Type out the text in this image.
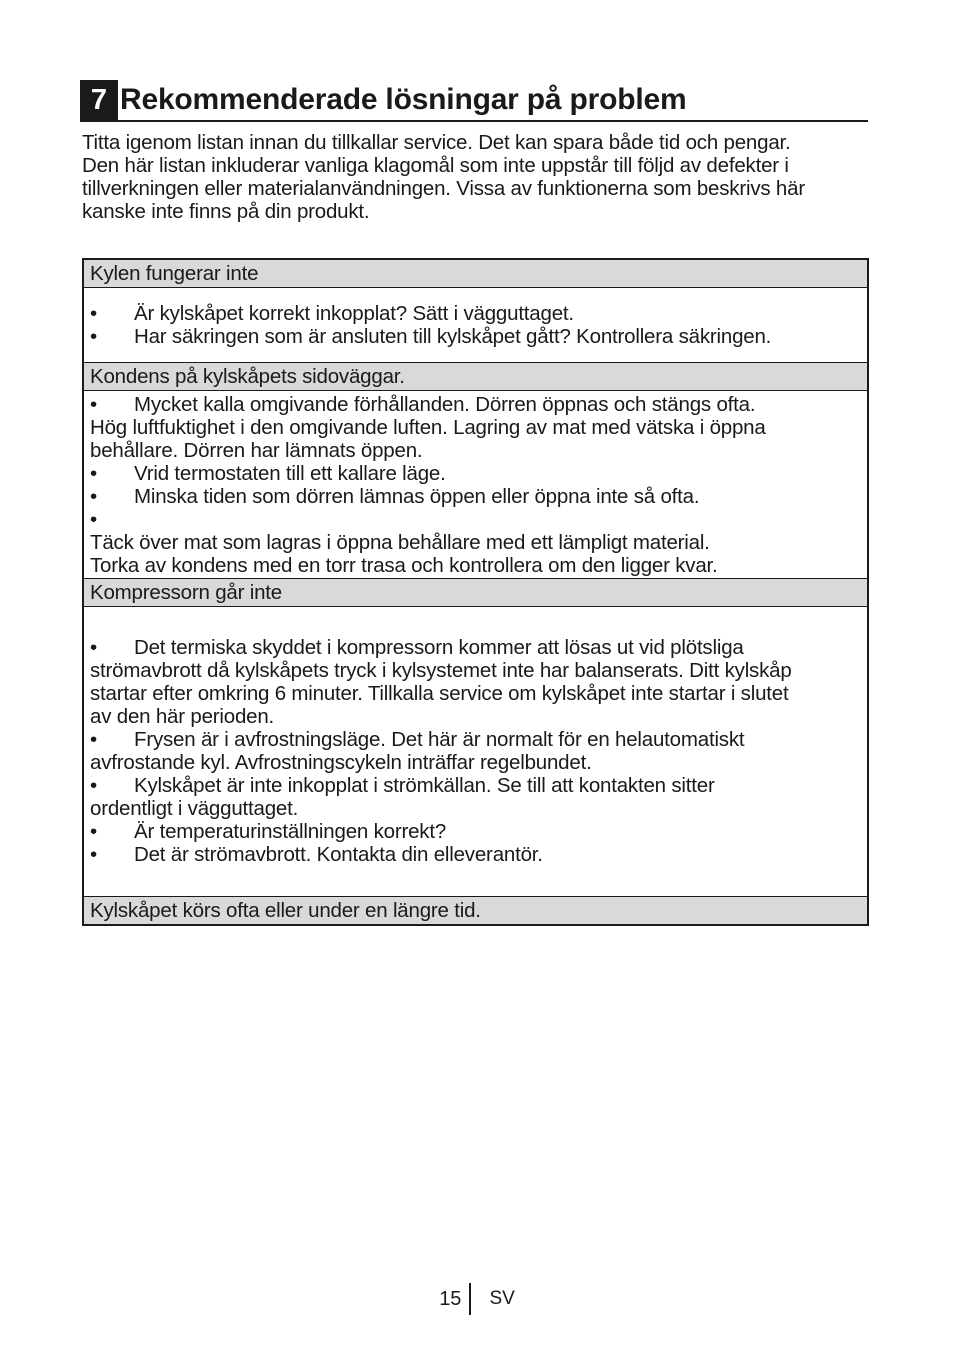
7 Rekommenderade lösningar på problem

Titta igenom listan innan du tillkallar service. Det kan spara både tid och pengar.
Den här listan inkluderar vanliga klagomål som inte uppstår till följd av defekter i
tillverkningen eller materialanvändningen. Vissa av funktionerna som beskrivs här
kanske inte finns på din produkt.

Kylen fungerar inte
• Är kylskåpet korrekt inkopplat? Sätt i vägguttaget.
• Har säkringen som är ansluten till kylskåpet gått? Kontrollera säkringen.
Kondens på kylskåpets sidoväggar.
• Mycket kalla omgivande förhållanden. Dörren öppnas och stängs ofta.
Hög luftfuktighet i den omgivande luften. Lagring av mat med vätska i öppna
behållare. Dörren har lämnats öppen.
• Vrid termostaten till ett kallare läge.
• Minska tiden som dörren lämnas öppen eller öppna inte så ofta.
•
Täck över mat som lagras i öppna behållare med ett lämpligt material.
Torka av kondens med en torr trasa och kontrollera om den ligger kvar.
Kompressorn går inte
• Det termiska skyddet i kompressorn kommer att lösas ut vid plötsliga
strömavbrott då kylskåpets tryck i kylsystemet inte har balanserats. Ditt kylskåp
startar efter omkring 6 minuter. Tillkalla service om kylskåpet inte startar i slutet
av den här perioden.
• Frysen är i avfrostningsläge. Det här är normalt för en helautomatiskt
avfrostande kyl. Avfrostningscykeln inträffar regelbundet.
• Kylskåpet är inte inkopplat i strömkällan. Se till att kontakten sitter
ordentligt i vägguttaget.
• Är temperaturinställningen korrekt?
• Det är strömavbrott. Kontakta din elleverantör.
Kylskåpet körs ofta eller under en längre tid.
15 SV
